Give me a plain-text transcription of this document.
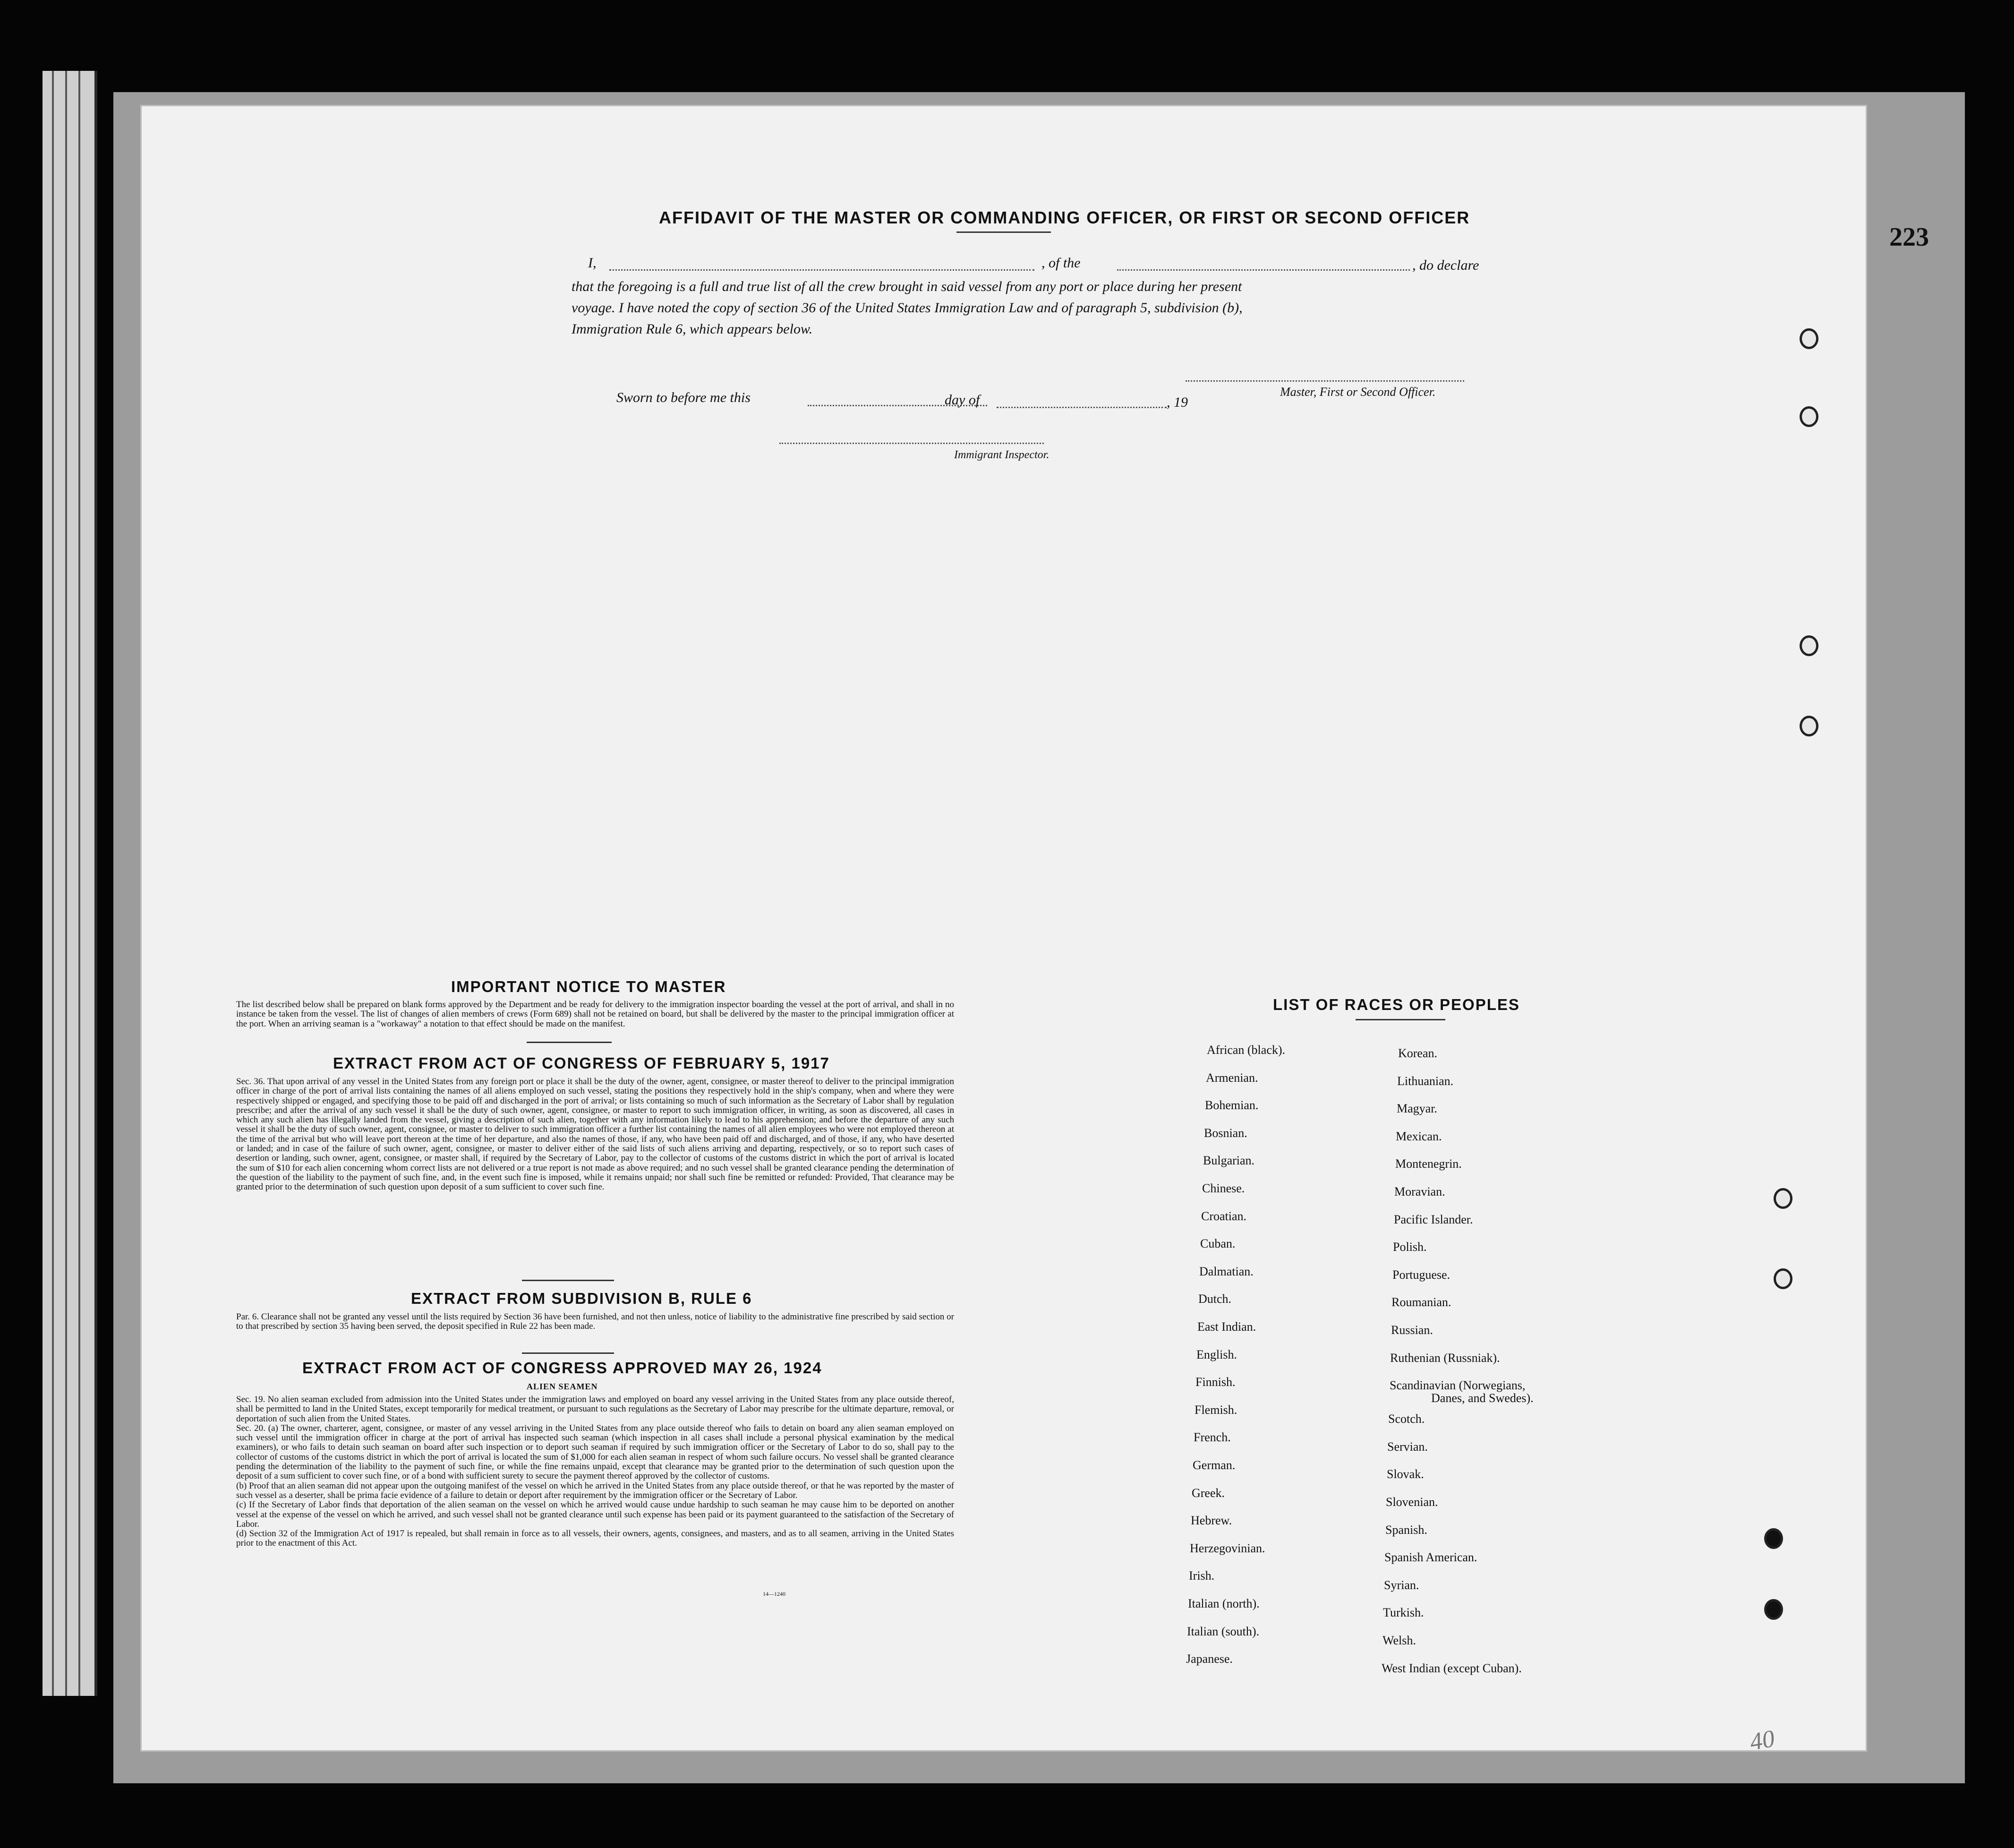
AFFIDAVIT OF THE MASTER OR COMMANDING OFFICER, OR FIRST OR SECOND OFFICER
I,	, of the	, do declare
that the foregoing is a full and true list of all the crew brought in said vessel from any port or place during her present
voyage. I have noted the copy of section 36 of the United States Immigration Law and of paragraph 5, subdivision (b),
Immigration Rule 6, which appears below.
Master, First or Second Officer.
Sworn to before me this	day of	, 19
Immigrant Inspector.
IMPORTANT NOTICE TO MASTER
The list described below shall be prepared on blank forms approved by the Department and be ready for delivery to the immigration inspector boarding the vessel at the port of arrival, and shall in no instance be taken from the vessel. The list of changes of alien members of crews (Form 689) shall not be retained on board, but shall be delivered by the master to the principal immigration officer at the port. When an arriving seaman is a "workaway" a notation to that effect should be made on the manifest.
EXTRACT FROM ACT OF CONGRESS OF FEBRUARY 5, 1917
Sec. 36. That upon arrival of any vessel in the United States from any foreign port or place it shall be the duty of the owner, agent, consignee, or master thereof to deliver to the principal immigration officer in charge of the port of arrival lists containing the names of all aliens employed on such vessel, stating the positions they respectively hold in the ship's company, when and where they were respectively shipped or engaged, and specifying those to be paid off and discharged in the port of arrival; or lists containing so much of such information as the Secretary of Labor shall by regulation prescribe; and after the arrival of any such vessel it shall be the duty of such owner, agent, consignee, or master to report to such immigration officer, in writing, as soon as discovered, all cases in which any such alien has illegally landed from the vessel, giving a description of such alien, together with any information likely to lead to his apprehension; and before the departure of any such vessel it shall be the duty of such owner, agent, consignee, or master to deliver to such immigration officer a further list containing the names of all alien employees who were not employed thereon at the time of the arrival but who will leave port thereon at the time of her departure, and also the names of those, if any, who have been paid off and discharged, and of those, if any, who have deserted or landed; and in case of the failure of such owner, agent, consignee, or master to deliver either of the said lists of such aliens arriving and departing, respectively, or so to report such cases of desertion or landing, such owner, agent, consignee, or master shall, if required by the Secretary of Labor, pay to the collector of customs of the customs district in which the port of arrival is located the sum of $10 for each alien concerning whom correct lists are not delivered or a true report is not made as above required; and no such vessel shall be granted clearance pending the determination of the question of the liability to the payment of such fine, and, in the event such fine is imposed, while it remains unpaid; nor shall such fine be remitted or refunded: Provided, That clearance may be granted prior to the determination of such question upon deposit of a sum sufficient to cover such fine.
EXTRACT FROM SUBDIVISION B, RULE 6
Par. 6. Clearance shall not be granted any vessel until the lists required by Section 36 have been furnished, and not then unless, notice of liability to the administrative fine prescribed by said section or to that prescribed by section 35 having been served, the deposit specified in Rule 22 has been made.
EXTRACT FROM ACT OF CONGRESS APPROVED MAY 26, 1924
ALIEN SEAMEN

Sec. 19. No alien seaman excluded from admission into the United States under the immigration laws and employed on board any vessel arriving in the United States from any place outside thereof, shall be permitted to land in the United States, except temporarily for medical treatment, or pursuant to such regulations as the Secretary of Labor may prescribe for the ultimate departure, removal, or deportation of such alien from the United States.

Sec. 20. (a) The owner, charterer, agent, consignee, or master of any vessel arriving in the United States from any place outside thereof who fails to detain on board any alien seaman employed on such vessel until the immigration officer in charge at the port of arrival has inspected such seaman (which inspection in all cases shall include a personal physical examination by the medical examiners), or who fails to detain such seaman on board after such inspection or to deport such seaman if required by such immigration officer or the Secretary of Labor to do so, shall pay to the collector of customs of the customs district in which the port of arrival is located the sum of $1,000 for each alien seaman in respect of whom such failure occurs. No vessel shall be granted clearance pending the determination of the liability to the payment of such fine, or while the fine remains unpaid, except that clearance may be granted prior to the determination of such question upon the deposit of a sum sufficient to cover such fine, or of a bond with sufficient surety to secure the payment thereof approved by the collector of customs.

(b) Proof that an alien seaman did not appear upon the outgoing manifest of the vessel on which he arrived in the United States from any place outside thereof, or that he was reported by the master of such vessel as a deserter, shall be prima facie evidence of a failure to detain or deport after requirement by the immigration officer or the Secretary of Labor.

(c) If the Secretary of Labor finds that deportation of the alien seaman on the vessel on which he arrived would cause undue hardship to such seaman he may cause him to be deported on another vessel at the expense of the vessel on which he arrived, and such vessel shall not be granted clearance until such expense has been paid or its payment guaranteed to the satisfaction of the Secretary of Labor.

(d) Section 32 of the Immigration Act of 1917 is repealed, but shall remain in force as to all vessels, their owners, agents, consignees, and masters, and as to all seamen, arriving in the United States prior to the enactment of this Act.

14—1240
LIST OF RACES OR PEOPLES
40
African (black).
Armenian.
Bohemian.
Bosnian.
Bulgarian.
Chinese.
Croatian.
Cuban.
Dalmatian.
Dutch.
East Indian.
English.
Finnish.
Flemish.
French.
German.
Greek.
Hebrew.
Herzegovinian.
Irish.
Italian (north).
Italian (south).
Japanese.
Korean.
Lithuanian.
Magyar.
Mexican.
Montenegrin.
Moravian.
Pacific Islander.
Polish.
Portuguese.
Roumanian.
Russian.
Ruthenian (Russniak).
Scandinavian (Norwegians,
Danes, and Swedes).
Scotch.
Servian.
Slovak.
Slovenian.
Spanish.
Spanish American.
Syrian.
Turkish.
Welsh.
West Indian (except Cuban).
223
